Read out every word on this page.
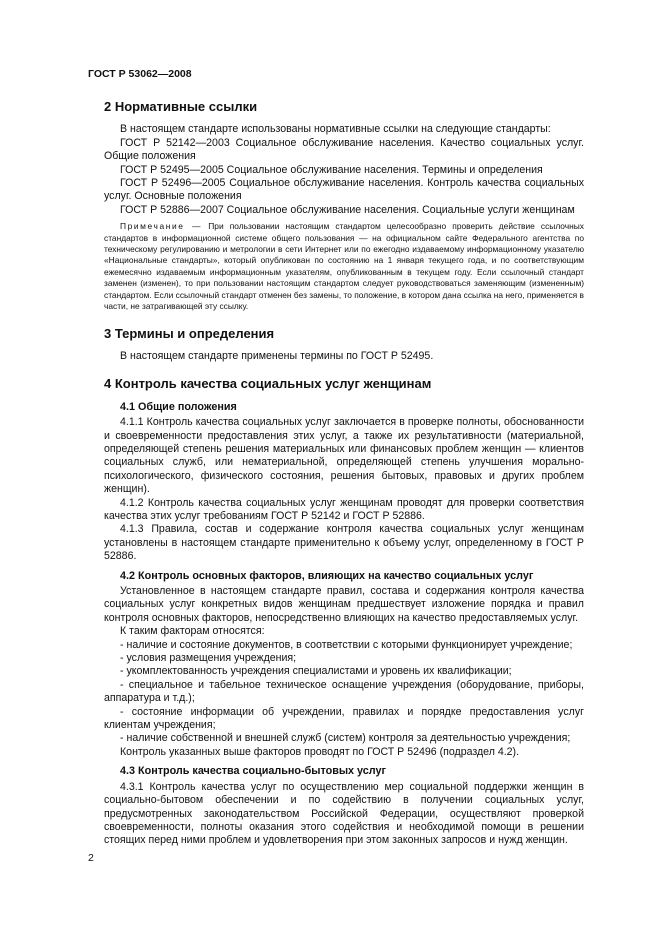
ГОСТ Р 53062—2008
2 Нормативные ссылки

В настоящем стандарте использованы нормативные ссылки на следующие стандарты:

ГОСТ Р 52142—2003 Социальное обслуживание населения. Качество социальных услуг. Общие положения

ГОСТ Р 52495—2005 Социальное обслуживание населения. Термины и определения

ГОСТ Р 52496—2005 Социальное обслуживание населения. Контроль качества социальных услуг. Основные положения

ГОСТ Р 52886—2007 Социальное обслуживание населения. Социальные услуги женщинам

Примечание — При пользовании настоящим стандартом целесообразно проверить действие ссылочных стандартов в информационной системе общего пользования — на официальном сайте Федерального агентства по техническому регулированию и метрологии в сети Интернет или по ежегодно издаваемому информационному указателю «Национальные стандарты», который опубликован по состоянию на 1 января текущего года, и по соответствующим ежемесячно издаваемым информационным указателям, опубликованным в текущем году. Если ссылочный стандарт заменен (изменен), то при пользовании настоящим стандартом следует руководствоваться заменяющим (измененным) стандартом. Если ссылочный стандарт отменен без замены, то положение, в котором дана ссылка на него, применяется в части, не затрагивающей эту ссылку.

3 Термины и определения

В настоящем стандарте применены термины по ГОСТ Р 52495.

4 Контроль качества социальных услуг женщинам
4.1 Общие положения

4.1.1 Контроль качества социальных услуг заключается в проверке полноты, обоснованности и своевременности предоставления этих услуг, а также их результативности (материальной, определяющей степень решения материальных или финансовых проблем женщин — клиентов социальных служб, или нематериальной, определяющей степень улучшения морально-психологического, физического состояния, решения бытовых, правовых и других проблем женщин).

4.1.2 Контроль качества социальных услуг женщинам проводят для проверки соответствия качества этих услуг требованиям ГОСТ Р 52142 и ГОСТ Р 52886.

4.1.3 Правила, состав и содержание контроля качества социальных услуг женщинам установлены в настоящем стандарте применительно к объему услуг, определенному в ГОСТ Р 52886.

4.2 Контроль основных факторов, влияющих на качество социальных услуг

Установленное в настоящем стандарте правил, состава и содержания контроля качества социальных услуг конкретных видов женщинам предшествует изложение порядка и правил контроля основных факторов, непосредственно влияющих на качество предоставляемых услуг.

К таким факторам относятся:

- наличие и состояние документов, в соответствии с которыми функционирует учреждение;

- условия размещения учреждения;

- укомплектованность учреждения специалистами и уровень их квалификации;

- специальное и табельное техническое оснащение учреждения (оборудование, приборы, аппаратура и т.д.);

- состояние информации об учреждении, правилах и порядке предоставления услуг клиентам учреждения;

- наличие собственной и внешней служб (систем) контроля за деятельностью учреждения;

Контроль указанных выше факторов проводят по ГОСТ Р 52496 (подраздел 4.2).

4.3 Контроль качества социально-бытовых услуг

4.3.1 Контроль качества услуг по осуществлению мер социальной поддержки женщин в социально-бытовом обеспечении и по содействию в получении социальных услуг, предусмотренных законодательством Российской Федерации, осуществляют проверкой своевременности, полноты оказания этого содействия и необходимой помощи в решении стоящих перед ними проблем и удовлетворения при этом законных запросов и нужд женщин.

2
